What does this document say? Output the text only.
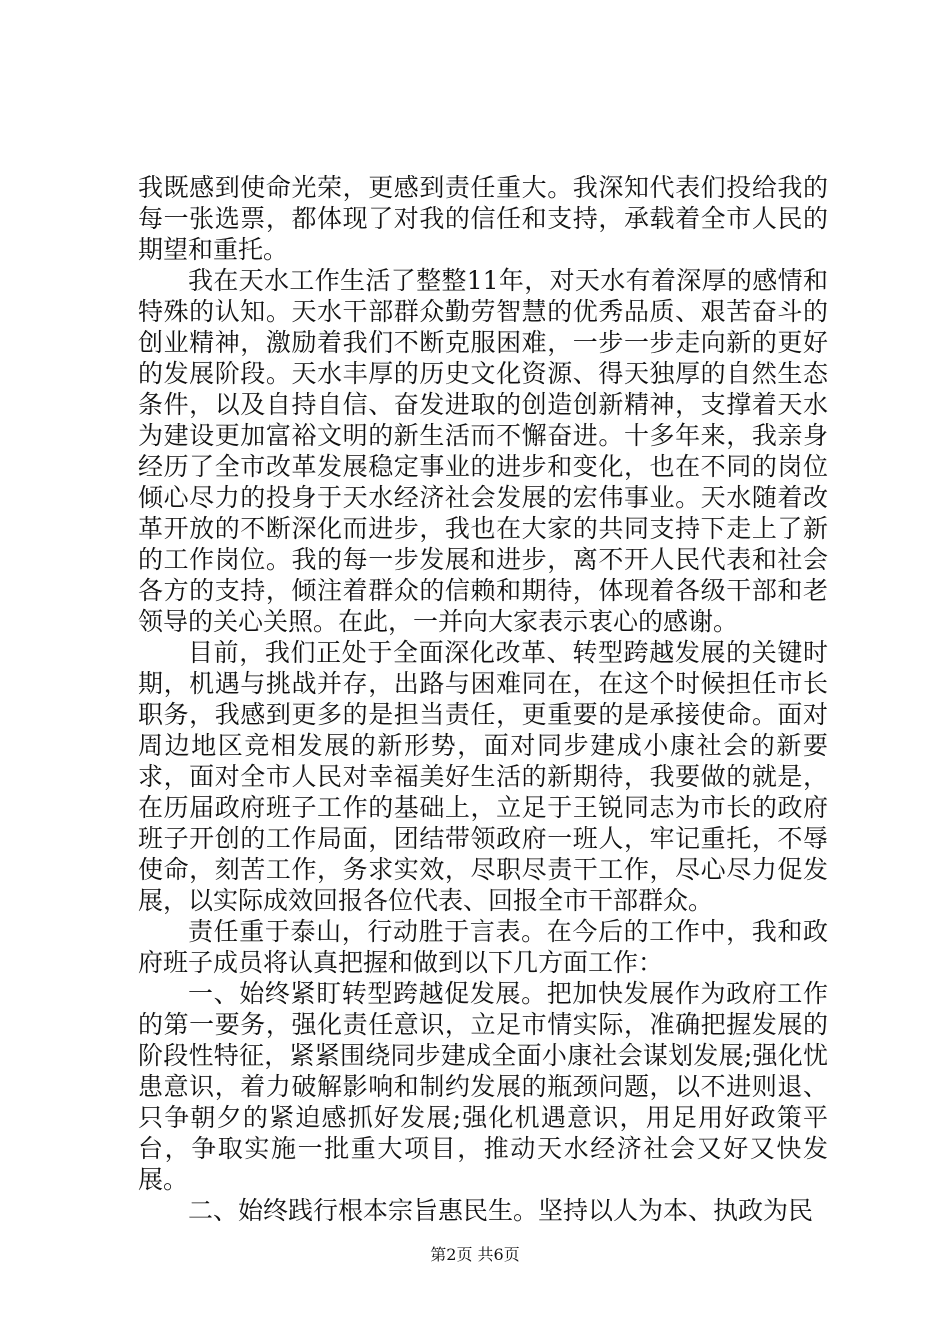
我既感到使命光荣，更感到责任重大。我深知代表们投给我的每一张选票，都体现了对我的信任和支持，承载着全市人民的期望和重托。

我在天水工作生活了整整11年，对天水有着深厚的感情和特殊的认知。天水干部群众勤劳智慧的优秀品质、艰苦奋斗的创业精神，激励着我们不断克服困难，一步一步走向新的更好的发展阶段。天水丰厚的历史文化资源、得天独厚的自然生态条件，以及自持自信、奋发进取的创造创新精神，支撑着天水为建设更加富裕文明的新生活而不懈奋进。十多年来，我亲身经历了全市改革发展稳定事业的进步和变化，也在不同的岗位倾心尽力的投身于天水经济社会发展的宏伟事业。天水随着改革开放的不断深化而进步，我也在大家的共同支持下走上了新的工作岗位。我的每一步发展和进步，离不开人民代表和社会各方的支持，倾注着群众的信赖和期待，体现着各级干部和老领导的关心关照。在此，一并向大家表示衷心的感谢。

目前，我们正处于全面深化改革、转型跨越发展的关键时期，机遇与挑战并存，出路与困难同在，在这个时候担任市长职务，我感到更多的是担当责任，更重要的是承接使命。面对周边地区竞相发展的新形势，面对同步建成小康社会的新要求，面对全市人民对幸福美好生活的新期待，我要做的就是，在历届政府班子工作的基础上，立足于王锐同志为市长的政府班子开创的工作局面，团结带领政府一班人，牢记重托，不辱使命，刻苦工作，务求实效，尽职尽责干工作，尽心尽力促发展，以实际成效回报各位代表、回报全市干部群众。

责任重于泰山，行动胜于言表。在今后的工作中，我和政府班子成员将认真把握和做到以下几方面工作：

一、始终紧盯转型跨越促发展。把加快发展作为政府工作的第一要务，强化责任意识，立足市情实际，准确把握发展的阶段性特征，紧紧围绕同步建成全面小康社会谋划发展;强化忧患意识，着力破解影响和制约发展的瓶颈问题，以不进则退、只争朝夕的紧迫感抓好发展;强化机遇意识，用足用好政策平台，争取实施一批重大项目，推动天水经济社会又好又快发展。

二、始终践行根本宗旨惠民生。坚持以人为本、执政为民

第2页 共6页
